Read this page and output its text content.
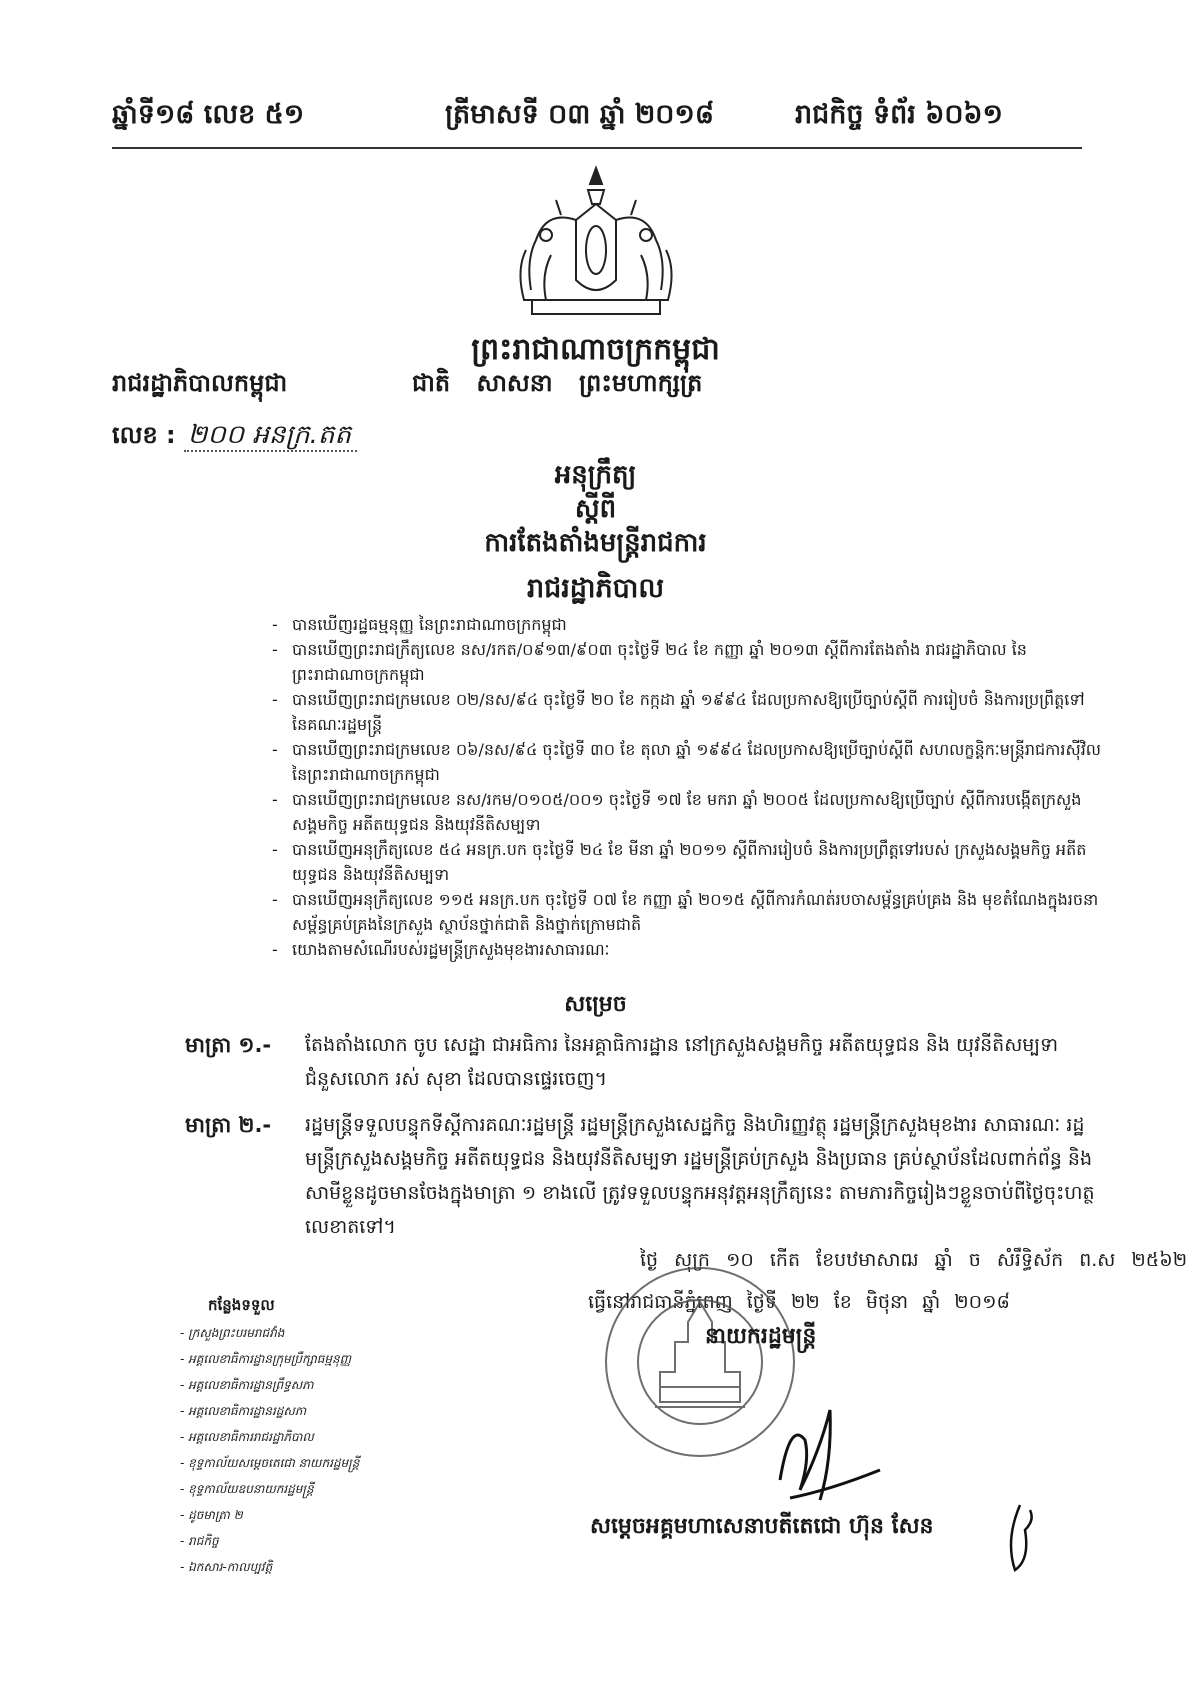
ឆ្នាំទី១៨ លេខ ៥១	ត្រីមាសទី ០៣ ឆ្នាំ ២០១៨	រាជកិច្ច ទំព័រ ៦០៦១
ព្រះរាជាណាចក្រកម្ពុជា
រាជរដ្ឋាភិបាលកម្ពុជា	ជាតិ សាសនា ព្រះមហាក្សត្រ
លេខ : ២០០ អនក្រ.តត
អនុក្រឹត្យ
ស្តីពី
ការតែងតាំងមន្ត្រីរាជការ
រាជរដ្ឋាភិបាល
- បានឃើញរដ្ឋធម្មនុញ្ញ នៃព្រះរាជាណាចក្រកម្ពុជា
- បានឃើញព្រះរាជក្រឹត្យលេខ នស/រកត/០៩១៣/៩០៣ ចុះថ្ងៃទី ២៤ ខែ កញ្ញា ឆ្នាំ ២០១៣ ស្តីពីការតែងតាំង រាជរដ្ឋាភិបាល នៃព្រះរាជាណាចក្រកម្ពុជា
- បានឃើញព្រះរាជក្រមលេខ ០២/នស/៩៤ ចុះថ្ងៃទី ២០ ខែ កក្កដា ឆ្នាំ ១៩៩៤ ដែលប្រកាសឱ្យប្រើច្បាប់ស្តីពី ការរៀបចំ និងការប្រព្រឹត្តទៅ នៃគណៈរដ្ឋមន្ត្រី
- បានឃើញព្រះរាជក្រមលេខ ០៦/នស/៩៤ ចុះថ្ងៃទី ៣០ ខែ តុលា ឆ្នាំ ១៩៩៤ ដែលប្រកាសឱ្យប្រើច្បាប់ស្តីពី សហលក្ខន្តិកៈមន្ត្រីរាជការស៊ីវិល នៃព្រះរាជាណាចក្រកម្ពុជា
- បានឃើញព្រះរាជក្រមលេខ នស/រកម/០១០៥/០០១ ចុះថ្ងៃទី ១៧ ខែ មករា ឆ្នាំ ២០០៥ ដែលប្រកាសឱ្យប្រើច្បាប់ ស្តីពីការបង្កើតក្រសួងសង្គមកិច្ច អតីតយុទ្ធជន និងយុវនីតិសម្បទា
- បានឃើញអនុក្រឹត្យលេខ ៥៤ អនក្រ.បក ចុះថ្ងៃទី ២៤ ខែ មីនា ឆ្នាំ ២០១១ ស្តីពីការរៀបចំ និងការប្រព្រឹត្តទៅរបស់ ក្រសួងសង្គមកិច្ច អតីតយុទ្ធជន និងយុវនីតិសម្បទា
- បានឃើញអនុក្រឹត្យលេខ ១១៥ អនក្រ.បក ចុះថ្ងៃទី ០៧ ខែ កញ្ញា ឆ្នាំ ២០១៥ ស្តីពីការកំណត់របចាសម្ព័ន្ធគ្រប់គ្រង និង មុខតំណែងក្នុងរចនាសម្ព័ន្ធគ្រប់គ្រងនៃក្រសួង ស្ថាប័នថ្នាក់ជាតិ និងថ្នាក់ក្រោមជាតិ
- យោងតាមសំណើរបស់រដ្ឋមន្ត្រីក្រសួងមុខងារសាធារណៈ
សម្រេច
មាត្រា ១.- តែងតាំងលោក ចូប សេដ្ឋា ជាអធិការ នៃអគ្គាធិការដ្ឋាន នៅក្រសួងសង្គមកិច្ច អតីតយុទ្ធជន និង យុវនីតិសម្បទា ជំនួសលោក រស់ សុខា ដែលបានផ្ទេរចេញ។
មាត្រា ២.- រដ្ឋមន្ត្រីទទួលបន្ទុកទីស្តីការគណៈរដ្ឋមន្ត្រី រដ្ឋមន្ត្រីក្រសួងសេដ្ឋកិច្ច និងហិរញ្ញវត្ថុ រដ្ឋមន្ត្រីក្រសួងមុខងារ សាធារណៈ រដ្ឋមន្ត្រីក្រសួងសង្គមកិច្ច អតីតយុទ្ធជន និងយុវនីតិសម្បទា រដ្ឋមន្ត្រីគ្រប់ក្រសួង និងប្រធាន គ្រប់ស្ថាប័នដែលពាក់ព័ន្ធ និងសាមីខ្លួនដូចមានចែងក្នុងមាត្រា ១ ខាងលើ ត្រូវទទួលបន្ទុកអនុវត្តអនុក្រឹត្យនេះ តាមភារកិច្ចរៀងៗខ្លួនចាប់ពីថ្ងៃចុះហត្ថលេខាតទៅ។
ថ្ងៃ សុក្រ ១០ កើត ខែបឋមាសាឍ ឆ្នាំ ច សំរឹទ្ធិស័ក ព.ស ២៥៦២
ធ្វើនៅរាជធានីភ្នំពេញ ថ្ងៃទី ២២ ខែ មិថុនា ឆ្នាំ ២០១៨
នាយករដ្ឋមន្ត្រី
សម្តេចអគ្គមហាសេនាបតីតេជោ ហ៊ុន សែន
កន្លែងទទួល
- ក្រសួងព្រះបរមរាជវាំង
- អគ្គលេខាធិការដ្ឋានក្រុមប្រឹក្សាធម្មនុញ្ញ
- អគ្គលេខាធិការដ្ឋានព្រឹទ្ធសភា
- អគ្គលេខាធិការដ្ឋានរដ្ឋសភា
- អគ្គលេខាធិការរាជរដ្ឋាភិបាល
- ខុទ្ទកាល័យសម្តេចតេជោ នាយករដ្ឋមន្ត្រី
- ខុទ្ទកាល័យឧបនាយករដ្ឋមន្ត្រី
- ដូចមាត្រា ២
- រាជកិច្ច
- ឯកសារ-កាលប្បវត្តិ
